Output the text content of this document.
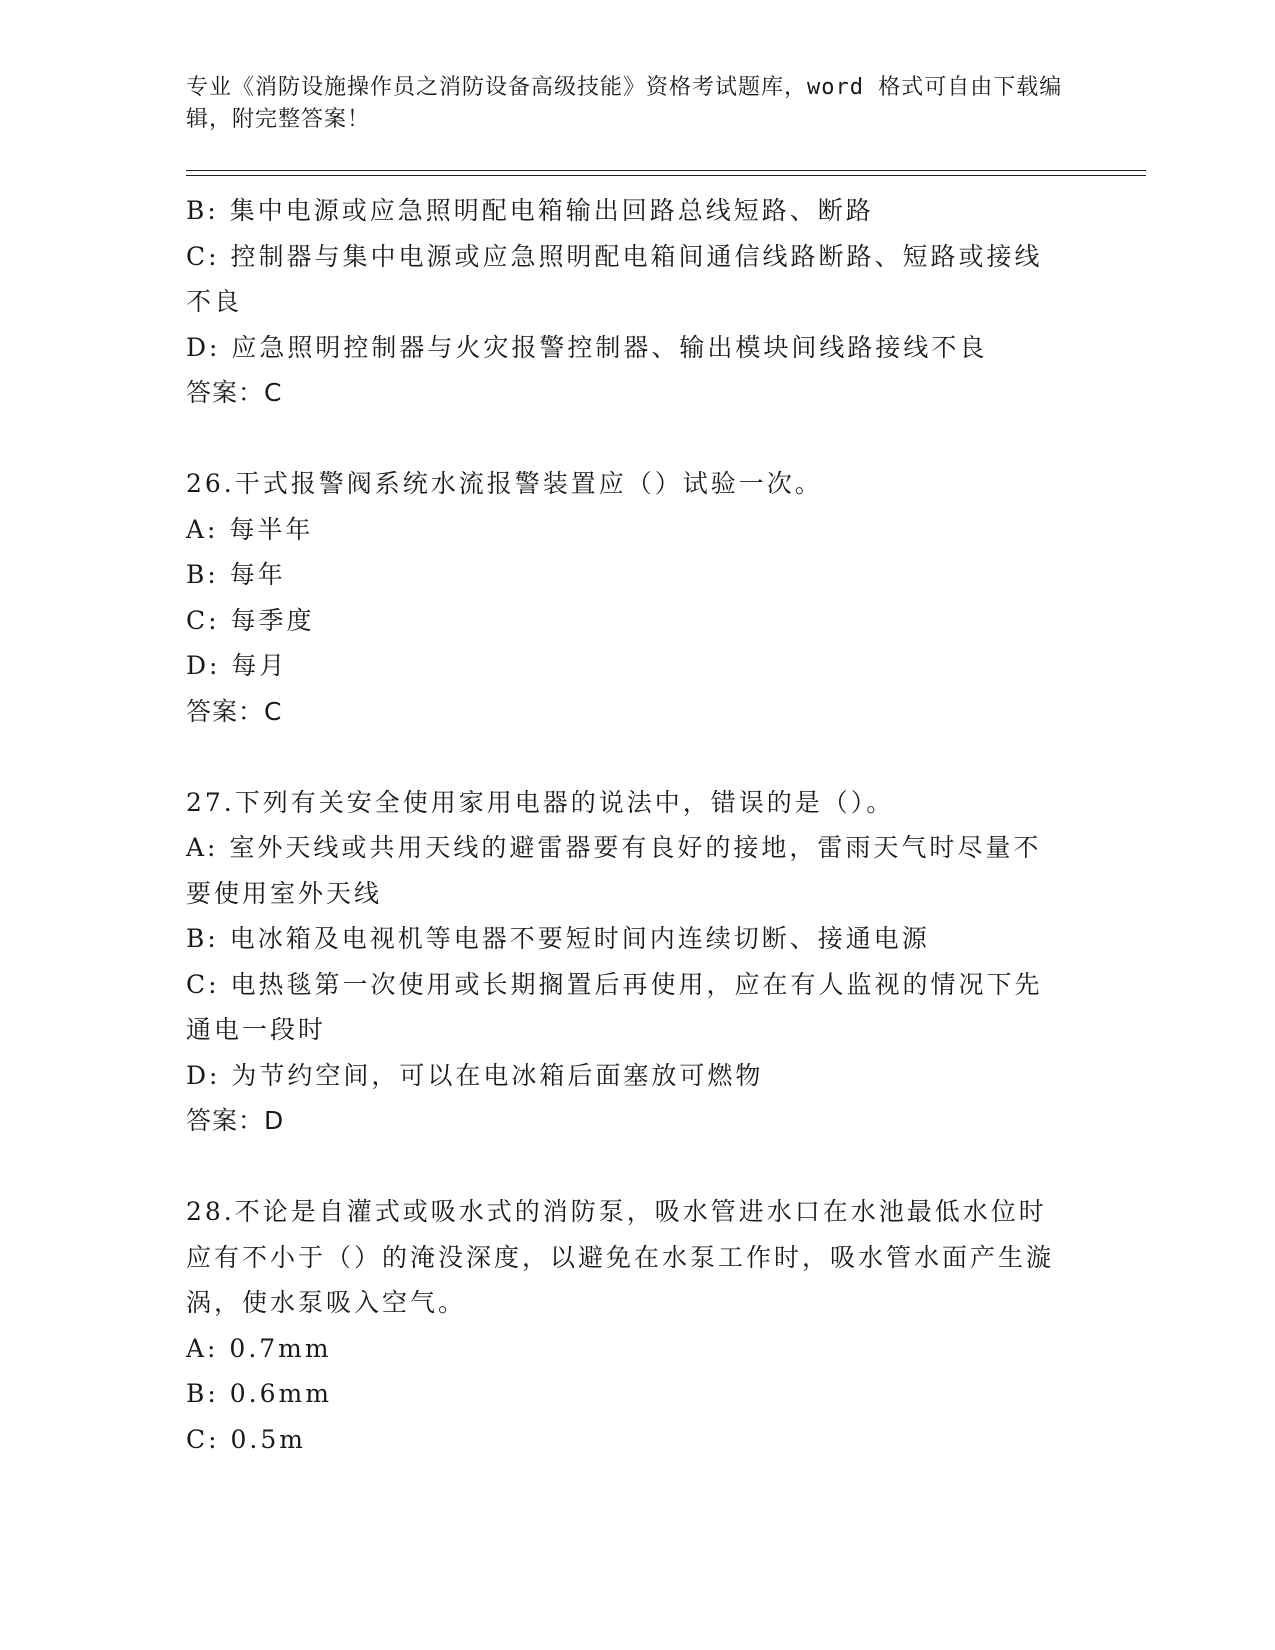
专业《消防设施操作员之消防设备高级技能》资格考试题库，word 格式可自由下载编辑，附完整答案！
B: 集中电源或应急照明配电箱输出回路总线短路、断路
C: 控制器与集中电源或应急照明配电箱间通信线路断路、短路或接线不良
D: 应急照明控制器与火灾报警控制器、输出模块间线路接线不良
答案：C
26.干式报警阀系统水流报警装置应（）试验一次。
A: 每半年
B: 每年
C: 每季度
D: 每月
答案：C
27.下列有关安全使用家用电器的说法中，错误的是（）。
A: 室外天线或共用天线的避雷器要有良好的接地，雷雨天气时尽量不要使用室外天线
B: 电冰箱及电视机等电器不要短时间内连续切断、接通电源
C: 电热毯第一次使用或长期搁置后再使用，应在有人监视的情况下先通电一段时
D: 为节约空间，可以在电冰箱后面塞放可燃物
答案：D
28.不论是自灌式或吸水式的消防泵，吸水管进水口在水池最低水位时应有不小于（）的淹没深度，以避免在水泵工作时，吸水管水面产生漩涡，使水泵吸入空气。
A: 0.7mm
B: 0.6mm
C: 0.5m
